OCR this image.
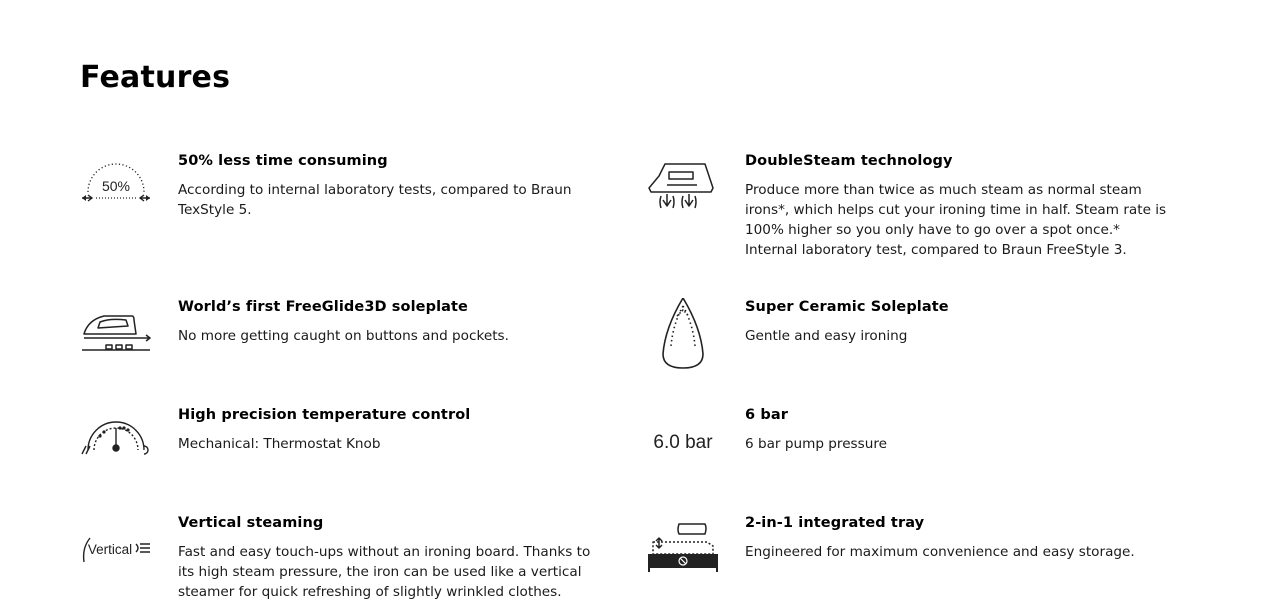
Features
50%
50% less time consuming
According to internal laboratory tests, compared to Braun TexStyle 5.
DoubleSteam technology
Produce more than twice as much steam as normal steam irons*, which helps cut your ironing time in half. Steam rate is 100% higher so you only have to go over a spot once.* Internal laboratory test, compared to Braun FreeStyle 3.
World’s first FreeGlide3D soleplate
No more getting caught on buttons and pockets.
Super Ceramic Soleplate
Gentle and easy ironing
High precision temperature control
Mechanical: Thermostat Knob	6.0 bar
6 bar
6 bar pump pressure
Vertical
Vertical steaming
Fast and easy touch-ups without an ironing board. Thanks to its high steam pressure, the iron can be used like a vertical steamer for quick refreshing of slightly wrinkled clothes.
2-in-1 integrated tray
Engineered for maximum convenience and easy storage.
